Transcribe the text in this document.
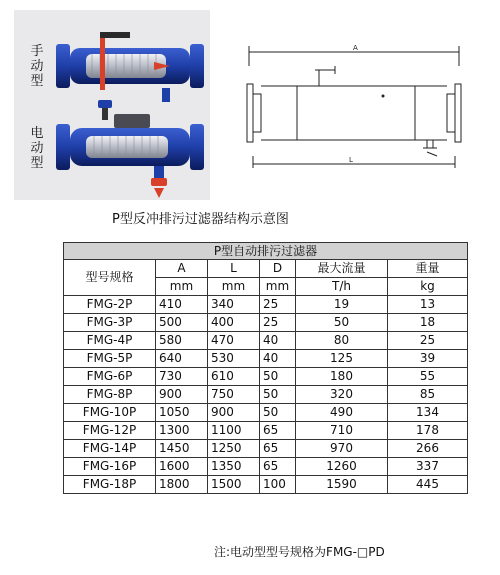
手动型
电动型
A
L
P型反冲排污过滤器结构示意图
P型自动排污过滤器					
型号规格	A	L	D	最大流量	重量
	mm	mm	mm	T/h	kg
FMG-2P	410	340	25	19	13
FMG-3P	500	400	25	50	18
FMG-4P	580	470	40	80	25
FMG-5P	640	530	40	125	39
FMG-6P	730	610	50	180	55
FMG-8P	900	750	50	320	85
FMG-10P	1050	900	50	490	134
FMG-12P	1300	1100	65	710	178
FMG-14P	1450	1250	65	970	266
FMG-16P	1600	1350	65	1260	337
FMG-18P	1800	1500	100	1590	445
注:电动型型号规格为FMG-□PD
